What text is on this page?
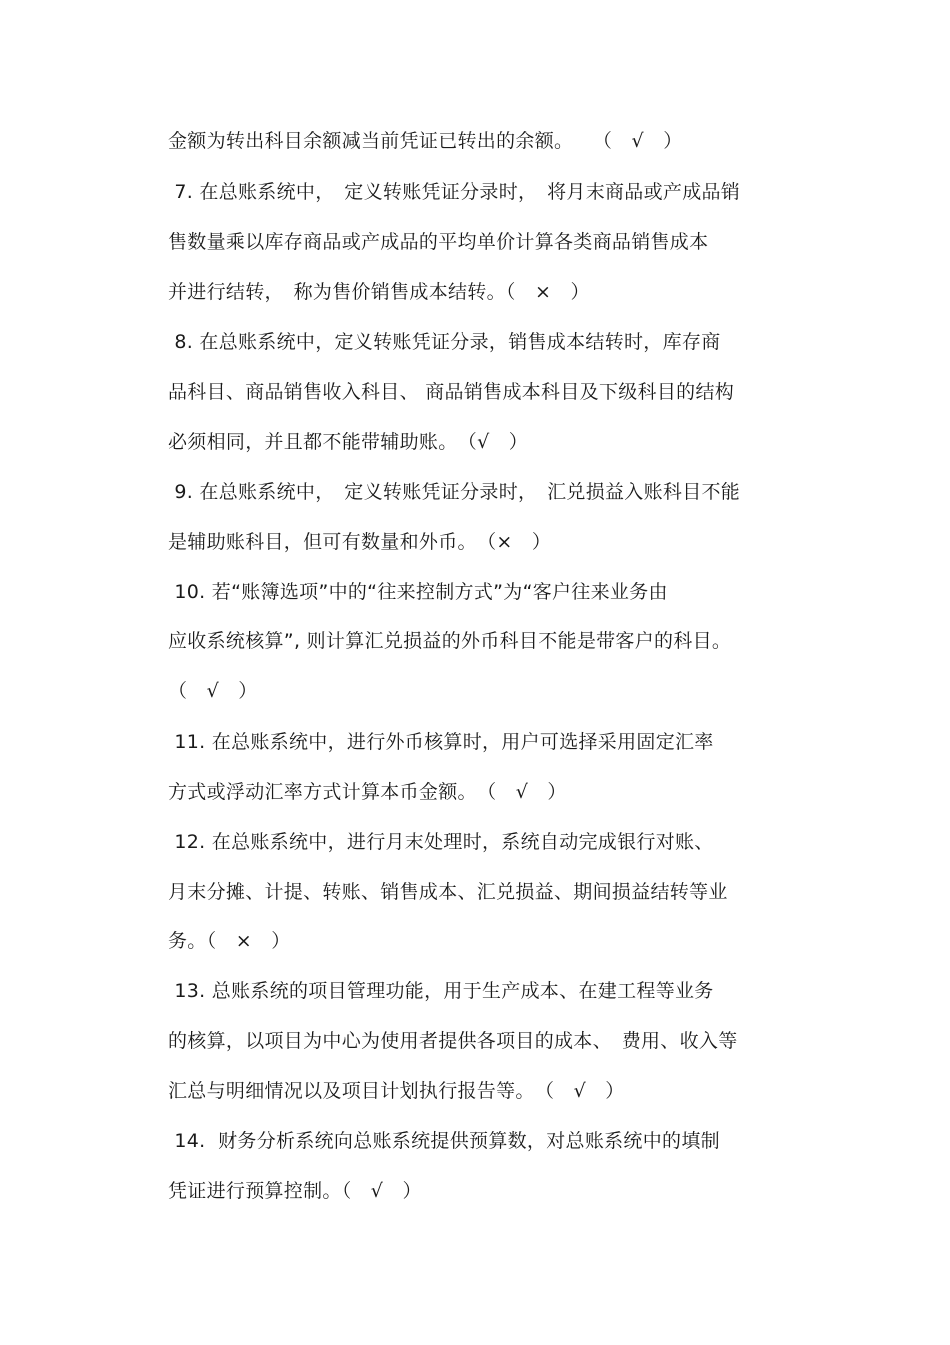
金额为转出科目余额减当前凭证已转出的余额。　　（　√　）
7. 在总账系统中，　定义转账凭证分录时，　将月末商品或产成品销
售数量乘以库存商品或产成品的平均单价计算各类商品销售成本
并进行结转，　称为售价销售成本结转。（　×　）
8. 在总账系统中，定义转账凭证分录，销售成本结转时，库存商
品科目、商品销售收入科目、 商品销售成本科目及下级科目的结构
必须相同，并且都不能带辅助账。　（√　）
9. 在总账系统中，　定义转账凭证分录时，　汇兑损益入账科目不能
是辅助账科目，但可有数量和外币。　（×　）
10. 若“账簿选项”中的“往来控制方式”为“客户往来业务由
应收系统核算”, 则计算汇兑损益的外币科目不能是带客户的科目。
（　√　）
11. 在总账系统中，进行外币核算时，用户可选择采用固定汇率
方式或浮动汇率方式计算本币金额。　（　√　）
12. 在总账系统中，进行月末处理时，系统自动完成银行对账、
月末分摊、计提、转账、销售成本、汇兑损益、期间损益结转等业
务。（　×　）
13. 总账系统的项目管理功能，用于生产成本、在建工程等业务
的核算，以项目为中心为使用者提供各项目的成本、　费用、收入等
汇总与明细情况以及项目计划执行报告等。　（　√　）
14.  财务分析系统向总账系统提供预算数，对总账系统中的填制
凭证进行预算控制。（　√　）
